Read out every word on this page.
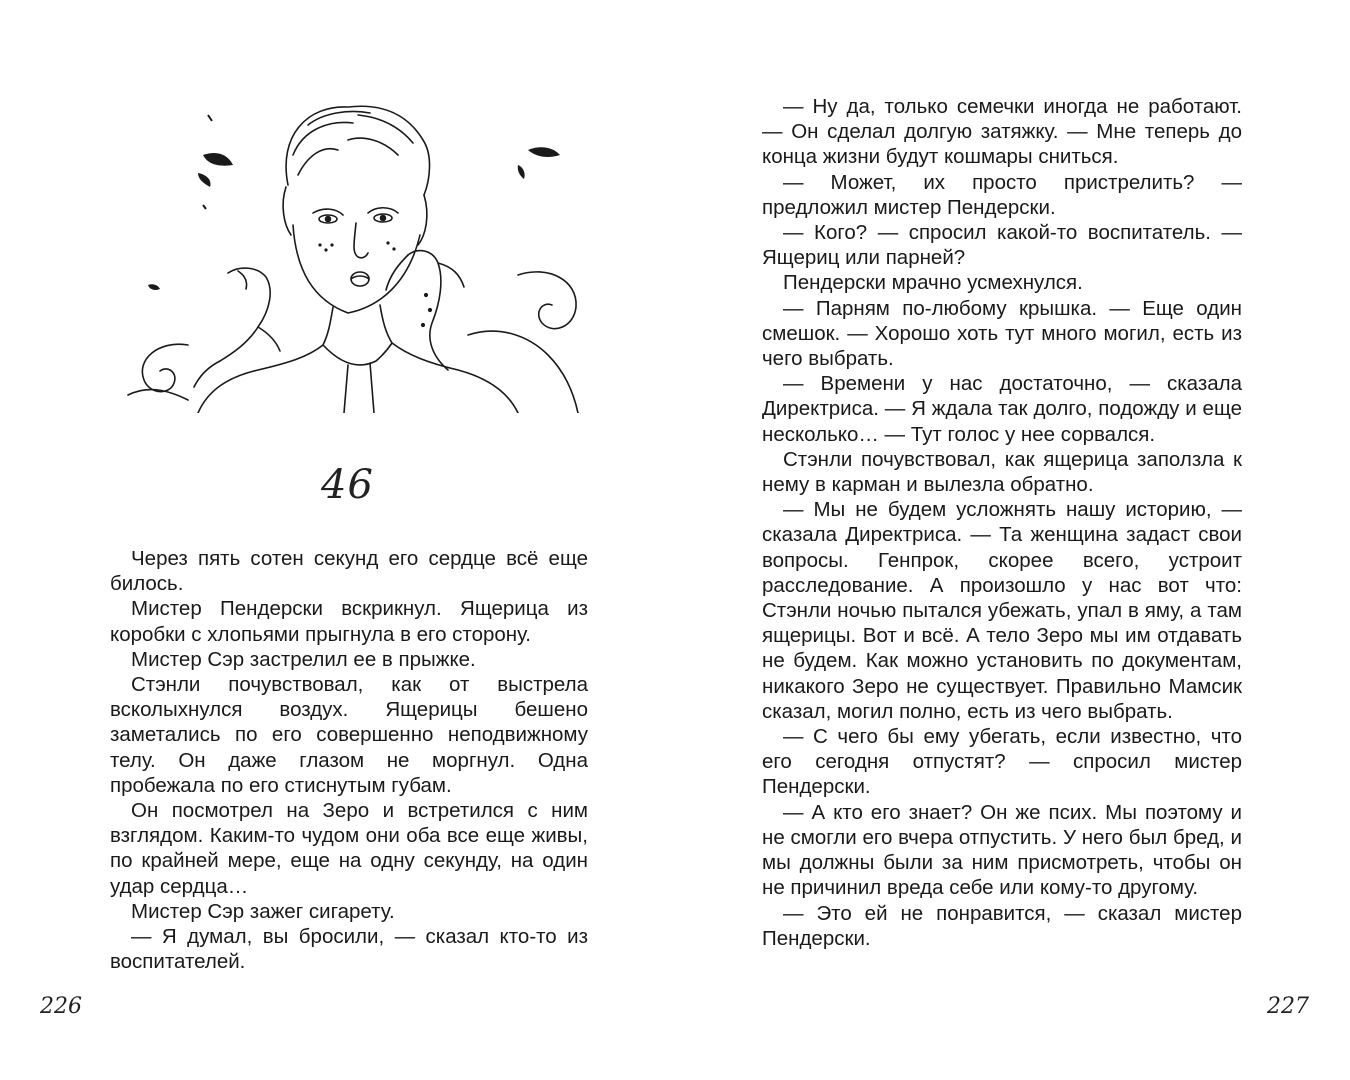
46

Через пять сотен секунд его сердце всё еще билось.

Мистер Пендерски вскрикнул. Ящерица из коробки с хлопьями прыгнула в его сторону.

Мистер Сэр застрелил ее в прыжке.

Стэнли почувствовал, как от выстрела всколыхнулся воздух. Ящерицы бешено заметались по его совершенно неподвижному телу. Он даже глазом не моргнул. Одна пробежала по его стиснутым губам.

Он посмотрел на Зеро и встретился с ним взглядом. Каким-то чудом они оба все еще живы, по крайней мере, еще на одну секунду, на один удар сердца…

Мистер Сэр зажег сигарету.

— Я думал, вы бросили, — сказал кто-то из воспитателей.

226

— Ну да, только семечки иногда не работают. — Он сделал долгую затяжку. — Мне теперь до конца жизни будут кошмары сниться.

— Может, их просто пристрелить? — предложил мистер Пендерски.

— Кого? — спросил какой-то воспитатель. — Ящериц или парней?

Пендерски мрачно усмехнулся.

— Парням по-любому крышка. — Еще один смешок. — Хорошо хоть тут много могил, есть из чего выбрать.

— Времени у нас достаточно, — сказала Директриса. — Я ждала так долго, подожду и еще несколько… — Тут голос у нее сорвался.

Стэнли почувствовал, как ящерица заползла к нему в карман и вылезла обратно.

— Мы не будем усложнять нашу историю, — сказала Директриса. — Та женщина задаст свои вопросы. Генпрок, скорее всего, устроит расследование. А произошло у нас вот что: Стэнли ночью пытался убежать, упал в яму, а там ящерицы. Вот и всё. А тело Зеро мы им отдавать не будем. Как можно установить по документам, никакого Зеро не существует. Правильно Мамсик сказал, могил полно, есть из чего выбрать.

— С чего бы ему убегать, если известно, что его сегодня отпустят? — спросил мистер Пендерски.

— А кто его знает? Он же псих. Мы поэтому и не смогли его вчера отпустить. У него был бред, и мы должны были за ним присмотреть, чтобы он не причинил вреда себе или кому-то другому.

— Это ей не понравится, — сказал мистер Пендерски.

227
